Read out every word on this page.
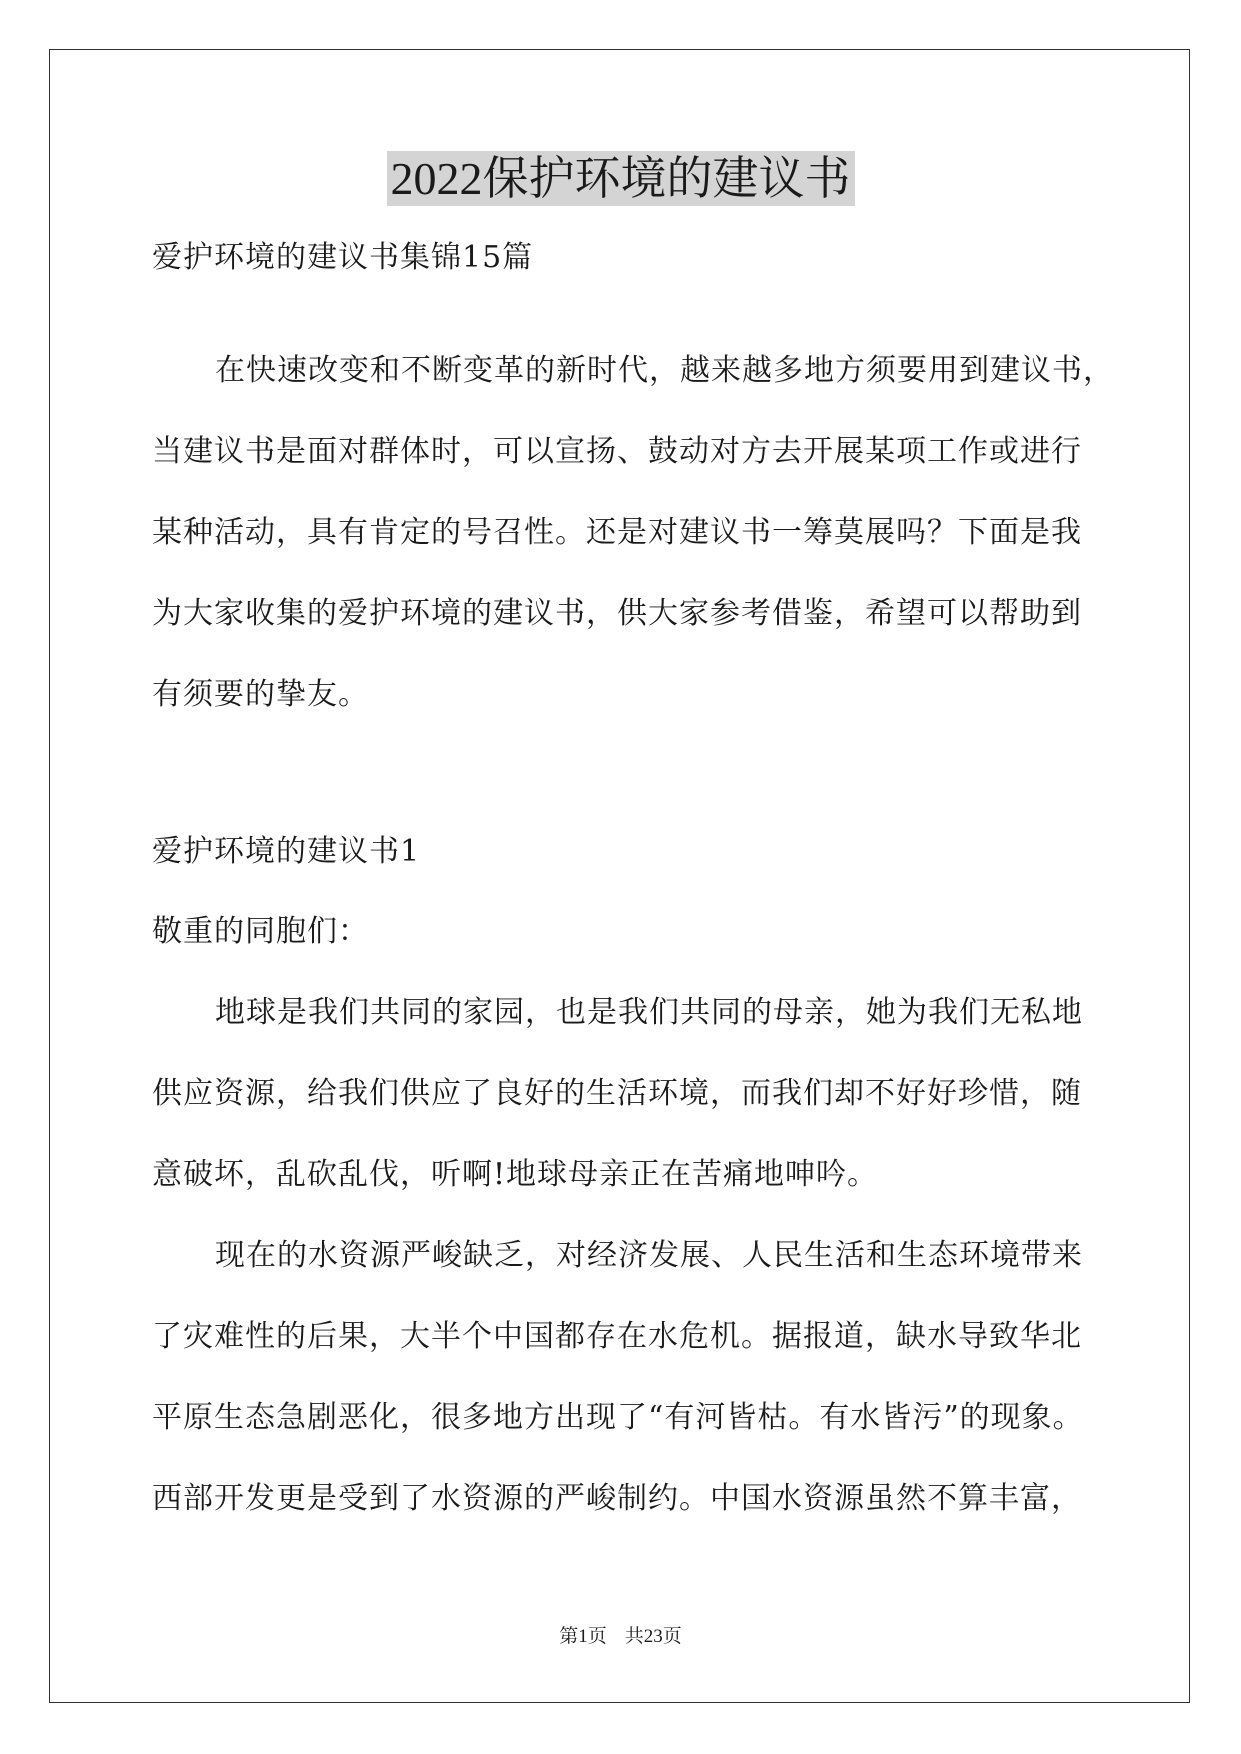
2022保护环境的建议书
爱护环境的建议书集锦15篇
在快速改变和不断变革的新时代，越来越多地方须要用到建议书，
当建议书是面对群体时，可以宣扬、鼓动对方去开展某项工作或进行
某种活动，具有肯定的号召性。还是对建议书一筹莫展吗？下面是我
为大家收集的爱护环境的建议书，供大家参考借鉴，希望可以帮助到
有须要的挚友。
爱护环境的建议书1
敬重的同胞们：
地球是我们共同的家园，也是我们共同的母亲，她为我们无私地
供应资源，给我们供应了良好的生活环境，而我们却不好好珍惜，随
意破坏，乱砍乱伐，听啊!地球母亲正在苦痛地呻吟。
现在的水资源严峻缺乏，对经济发展、人民生活和生态环境带来
了灾难性的后果，大半个中国都存在水危机。据报道，缺水导致华北
平原生态急剧恶化，很多地方出现了“有河皆枯。有水皆污”的现象。
西部开发更是受到了水资源的严峻制约。中国水资源虽然不算丰富，
第1页 共23页
